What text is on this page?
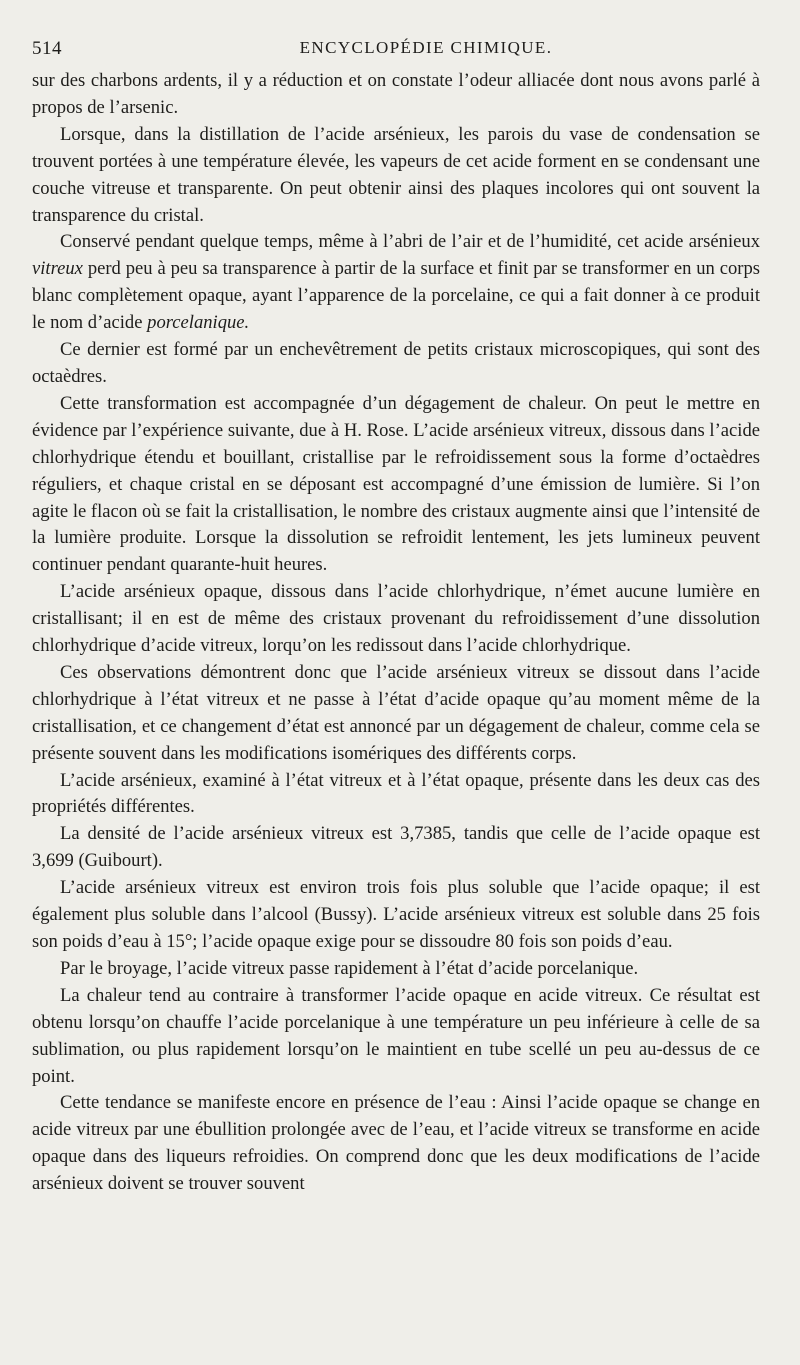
514	ENCYCLOPÉDIE CHIMIQUE.

sur des charbons ardents, il y a réduction et on constate l’odeur alliacée dont nous avons parlé à propos de l’arsenic.

Lorsque, dans la distillation de l’acide arsénieux, les parois du vase de condensation se trouvent portées à une température élevée, les vapeurs de cet acide forment en se condensant une couche vitreuse et transparente. On peut obtenir ainsi des plaques incolores qui ont souvent la transparence du cristal.

Conservé pendant quelque temps, même à l’abri de l’air et de l’humidité, cet acide arsénieux vitreux perd peu à peu sa transparence à partir de la surface et finit par se transformer en un corps blanc complètement opaque, ayant l’apparence de la porcelaine, ce qui a fait donner à ce produit le nom d’acide porcelanique.

Ce dernier est formé par un enchevêtrement de petits cristaux microscopiques, qui sont des octaèdres.

Cette transformation est accompagnée d’un dégagement de chaleur. On peut le mettre en évidence par l’expérience suivante, due à H. Rose. L’acide arsénieux vitreux, dissous dans l’acide chlorhydrique étendu et bouillant, cristallise par le refroidissement sous la forme d’octaèdres réguliers, et chaque cristal en se déposant est accompagné d’une émission de lumière. Si l’on agite le flacon où se fait la cristallisation, le nombre des cristaux augmente ainsi que l’intensité de la lumière produite. Lorsque la dissolution se refroidit lentement, les jets lumineux peuvent continuer pendant quarante-huit heures.

L’acide arsénieux opaque, dissous dans l’acide chlorhydrique, n’émet aucune lumière en cristallisant; il en est de même des cristaux provenant du refroidissement d’une dissolution chlorhydrique d’acide vitreux, lorqu’on les redissout dans l’acide chlorhydrique.

Ces observations démontrent donc que l’acide arsénieux vitreux se dissout dans l’acide chlorhydrique à l’état vitreux et ne passe à l’état d’acide opaque qu’au moment même de la cristallisation, et ce changement d’état est annoncé par un dégagement de chaleur, comme cela se présente souvent dans les modifications isomériques des différents corps.

L’acide arsénieux, examiné à l’état vitreux et à l’état opaque, présente dans les deux cas des propriétés différentes.

La densité de l’acide arsénieux vitreux est 3,7385, tandis que celle de l’acide opaque est 3,699 (Guibourt).

L’acide arsénieux vitreux est environ trois fois plus soluble que l’acide opaque; il est également plus soluble dans l’alcool (Bussy). L’acide arsénieux vitreux est soluble dans 25 fois son poids d’eau à 15°; l’acide opaque exige pour se dissoudre 80 fois son poids d’eau.

Par le broyage, l’acide vitreux passe rapidement à l’état d’acide porcelanique.

La chaleur tend au contraire à transformer l’acide opaque en acide vitreux. Ce résultat est obtenu lorsqu’on chauffe l’acide porcelanique à une température un peu inférieure à celle de sa sublimation, ou plus rapidement lorsqu’on le maintient en tube scellé un peu au-dessus de ce point.

Cette tendance se manifeste encore en présence de l’eau : Ainsi l’acide opaque se change en acide vitreux par une ébullition prolongée avec de l’eau, et l’acide vitreux se transforme en acide opaque dans des liqueurs refroidies. On comprend donc que les deux modifications de l’acide arsénieux doivent se trouver souvent
